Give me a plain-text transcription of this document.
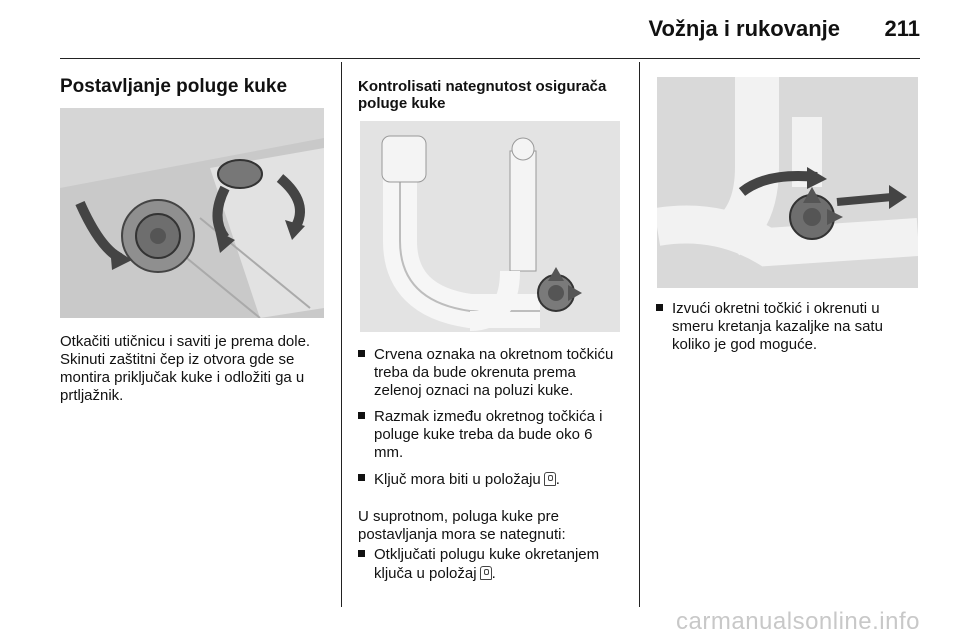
Vožnja i rukovanje 211
Postavljanje poluge kuke

Otkačiti utičnicu i saviti je prema dole. Skinuti zaštitni čep iz otvora gde se montira priključak kuke i odložiti ga u prtljažnik.

Kontrolisati nategnutost osigurača poluge kuke
Crvena oznaka na okretnom točkiću treba da bude okrenuta prema zelenoj oznaci na poluzi kuke.
Razmak između okretnog točkića i poluge kuke treba da bude oko 6 mm.
Ključ mora biti u položaju .

U suprotnom, poluga kuke pre postavljanja mora se nategnuti:

Otključati polugu kuke okretanjem ključa u položaj .
Izvući okretni točkić i okrenuti u smeru kretanja kazaljke na satu koliko je god moguće.
carmanualsonline.info
